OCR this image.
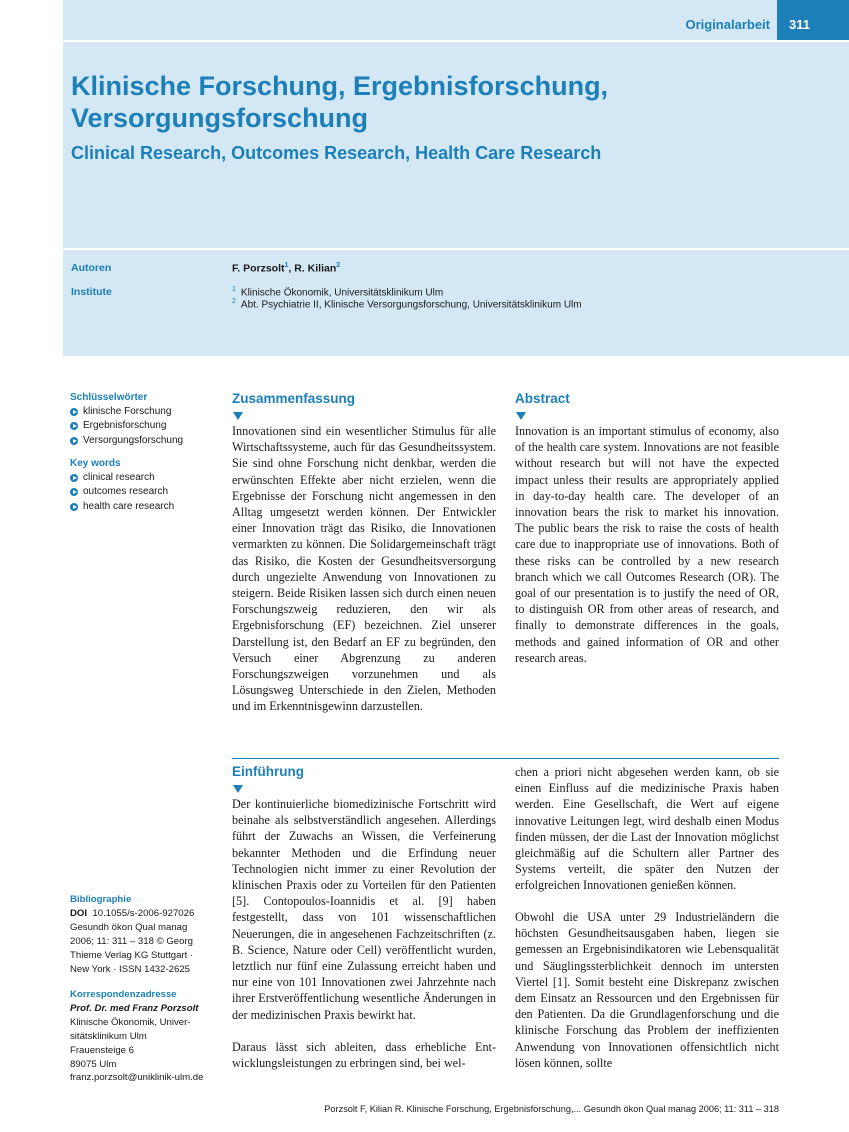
Originalarbeit	311
Klinische Forschung, Ergebnisforschung,
Versorgungsforschung
Clinical Research, Outcomes Research, Health Care Research
Autoren	F. Porzsolt$^1$, R. Kilian$^2$
Institute	$^1$ Klinische Ökonomik, Universitätsklinikum Ulm
$^2$ Abt. Psychiatrie II, Klinische Versorgungsforschung, Universitätsklinikum Ulm
Schlüsselwörter
klinische Forschung
Ergebnisforschung
Versorgungsforschung
Key words
clinical research
outcomes research
health care research
Zusammenfassung

Innovationen sind ein wesentlicher Stimulus für alle Wirtschaftssysteme, auch für das Gesundheitssystem. Sie sind ohne Forschung nicht denkbar, werden die erwünschten Effekte aber nicht erzielen, wenn die Ergebnisse der Forschung nicht angemessen in den Alltag umgesetzt werden können. Der Entwickler einer Innovation trägt das Risiko, die Innovationen vermarkten zu können. Die Solidargemeinschaft trägt das Risiko, die Kosten der Gesundheitsversorgung durch ungezielte Anwendung von Innovationen zu steigern. Beide Risiken lassen sich durch einen neuen Forschungszweig reduzieren, den wir als Ergebnisforschung (EF) bezeichnen. Ziel unserer Darstellung ist, den Bedarf an EF zu begründen, den Versuch einer Abgrenzung zu anderen Forschungszweigen vorzunehmen und als Lösungsweg Unterschiede in den Zielen, Methoden und im Erkenntnisgewinn darzustellen.

Abstract

Innovation is an important stimulus of economy, also of the health care system. Innovations are not feasible without research but will not have the expected impact unless their results are appropriately applied in day-to-day health care. The developer of an innovation bears the risk to market his innovation. The public bears the risk to raise the costs of health care due to inappropriate use of innovations. Both of these risks can be controlled by a new research branch which we call Outcomes Research (OR). The goal of our presentation is to justify the need of OR, to distinguish OR from other areas of research, and finally to demonstrate differences in the goals, methods and gained information of OR and other research areas.

Einführung

Der kontinuierliche biomedizinische Fortschritt wird beinahe als selbstverständlich angesehen. Allerdings führt der Zuwachs an Wissen, die Verfeinerung bekannter Methoden und die Erfindung neuer Technologien nicht immer zu einer Revolution der klinischen Praxis oder zu Vorteilen für den Patienten [5]. Contopoulos-Ioannidis et al. [9] haben festgestellt, dass von 101 wissenschaftlichen Neuerungen, die in angesehenen Fachzeitschriften (z. B. Science, Nature oder Cell) veröffentlicht wurden, letztlich nur fünf eine Zulassung erreicht haben und nur eine von 101 Innovationen zwei Jahrzehnte nach ihrer Erstveröffentlichung wesentliche Änderungen in der medizinischen Praxis bewirkt hat.

Daraus lässt sich ableiten, dass erhebliche Entwicklungsleistungen zu erbringen sind, bei wel-

chen a priori nicht abgesehen werden kann, ob sie einen Einfluss auf die medizinische Praxis haben werden. Eine Gesellschaft, die Wert auf eigene innovative Leitungen legt, wird deshalb einen Modus finden müssen, der die Last der Innovation möglichst gleichmäßig auf die Schultern aller Partner des Systems verteilt, die später den Nutzen der erfolgreichen Innovationen genießen können.

Obwohl die USA unter 29 Industrieländern die höchsten Gesundheitsausgaben haben, liegen sie gemessen an Ergebnisindikatoren wie Lebensqualität und Säuglingssterblichkeit dennoch im untersten Viertel [1]. Somit besteht eine Diskrepanz zwischen dem Einsatz an Ressourcen und den Ergebnissen für den Patienten. Da die Grundlagenforschung und die klinische Forschung das Problem der ineffizienten Anwendung von Innovationen offensichtlich nicht lösen können, sollte

Bibliographie
DOI 10.1055/s-2006-927026
Gesundh ökon Qual manag
2006; 11: 311 – 318 © Georg
Thieme Verlag KG Stuttgart ·
New York · ISSN 1432-2625
Korrespondenzadresse
Prof. Dr. med Franz Porzsolt
Klinische Ökonomik, Univer-
sitätsklinikum Ulm
Frauensteige 6
89075 Ulm
franz.porzsolt@uniklinik-ulm.de
Porzsolt F, Kilian R. Klinische Forschung, Ergebnisforschung,... Gesundh ökon Qual manag 2006; 11: 311 – 318
